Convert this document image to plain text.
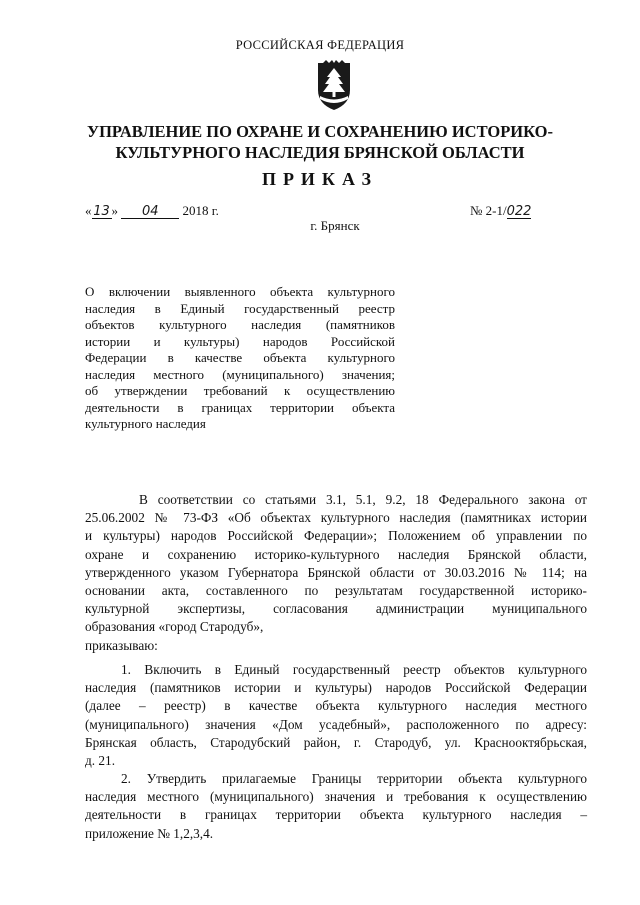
РОССИЙСКАЯ ФЕДЕРАЦИЯ
УПРАВЛЕНИЕ ПО ОХРАНЕ И СОХРАНЕНИЮ ИСТОРИКО-
КУЛЬТУРНОГО НАСЛЕДИЯ БРЯНСКОЙ ОБЛАСТИ
ПРИКАЗ
« 13 » 04 2018 г.	№ 2-1/022
г. Брянск
О включении выявленного объекта культурного
наследия в Единый государственный реестр
объектов культурного наследия (памятников
истории и культуры) народов Российской
Федерации в качестве объекта культурного
наследия местного (муниципального) значения;
об утверждении требований к осуществлению
деятельности в границах территории объекта
культурного наследия
В соответствии со статьями 3.1, 5.1, 9.2, 18 Федерального закона от
25.06.2002 № 73-ФЗ «Об объектах культурного наследия (памятниках истории
и культуры) народов Российской Федерации»; Положением об управлении по
охране и сохранению историко-культурного наследия Брянской области,
утвержденного указом Губернатора Брянской области от 30.03.2016 № 114; на
основании акта, составленного по результатам государственной историко-
культурной экспертизы, согласования администрации муниципального
образования «город Стародуб»,
приказываю:
1. Включить в Единый государственный реестр объектов культурного
наследия (памятников истории и культуры) народов Российской Федерации
(далее – реестр) в качестве объекта культурного наследия местного
(муниципального) значения «Дом усадебный», расположенного по адресу:
Брянская область, Стародубский район, г. Стародуб, ул. Краснооктябрьская,
д. 21.
2. Утвердить прилагаемые Границы территории объекта культурного
наследия местного (муниципального) значения и требования к осуществлению
деятельности в границах территории объекта культурного наследия –
приложение № 1,2,3,4.
